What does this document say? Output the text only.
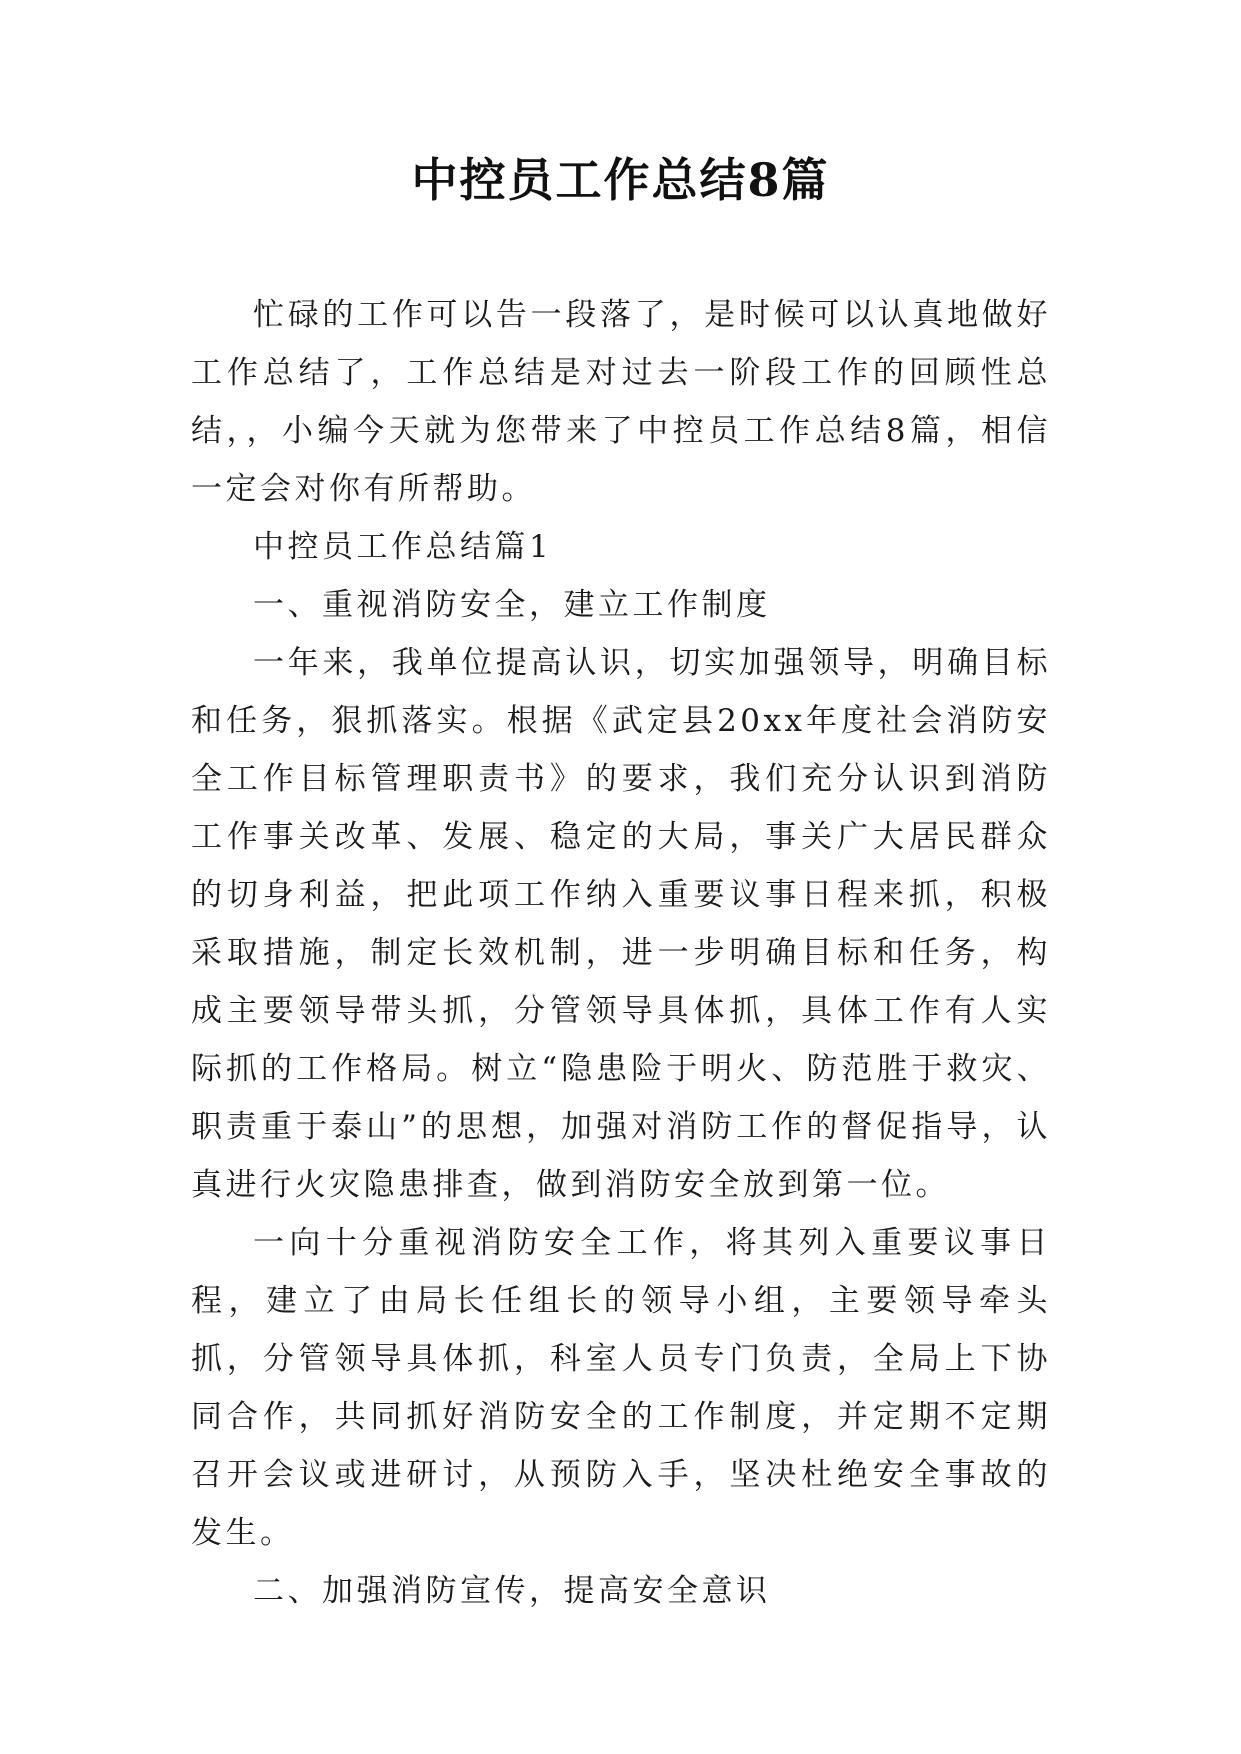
中控员工作总结8篇

忙碌的工作可以告一段落了，是时候可以认真地做好工作总结了，工作总结是对过去一阶段工作的回顾性总结，，小编今天就为您带来了中控员工作总结8篇，相信一定会对你有所帮助。

中控员工作总结篇1

一、重视消防安全，建立工作制度

一年来，我单位提高认识，切实加强领导，明确目标和任务，狠抓落实。根据《武定县20xx年度社会消防安全工作目标管理职责书》的要求，我们充分认识到消防工作事关改革、发展、稳定的大局，事关广大居民群众的切身利益，把此项工作纳入重要议事日程来抓，积极采取措施，制定长效机制，进一步明确目标和任务，构成主要领导带头抓，分管领导具体抓，具体工作有人实际抓的工作格局。树立“隐患险于明火、防范胜于救灾、职责重于泰山”的思想，加强对消防工作的督促指导，认真进行火灾隐患排查，做到消防安全放到第一位。

一向十分重视消防安全工作，将其列入重要议事日程，建立了由局长任组长的领导小组，主要领导牵头抓，分管领导具体抓，科室人员专门负责，全局上下协同合作，共同抓好消防安全的工作制度，并定期不定期召开会议或进研讨，从预防入手，坚决杜绝安全事故的发生。

二、加强消防宣传，提高安全意识
